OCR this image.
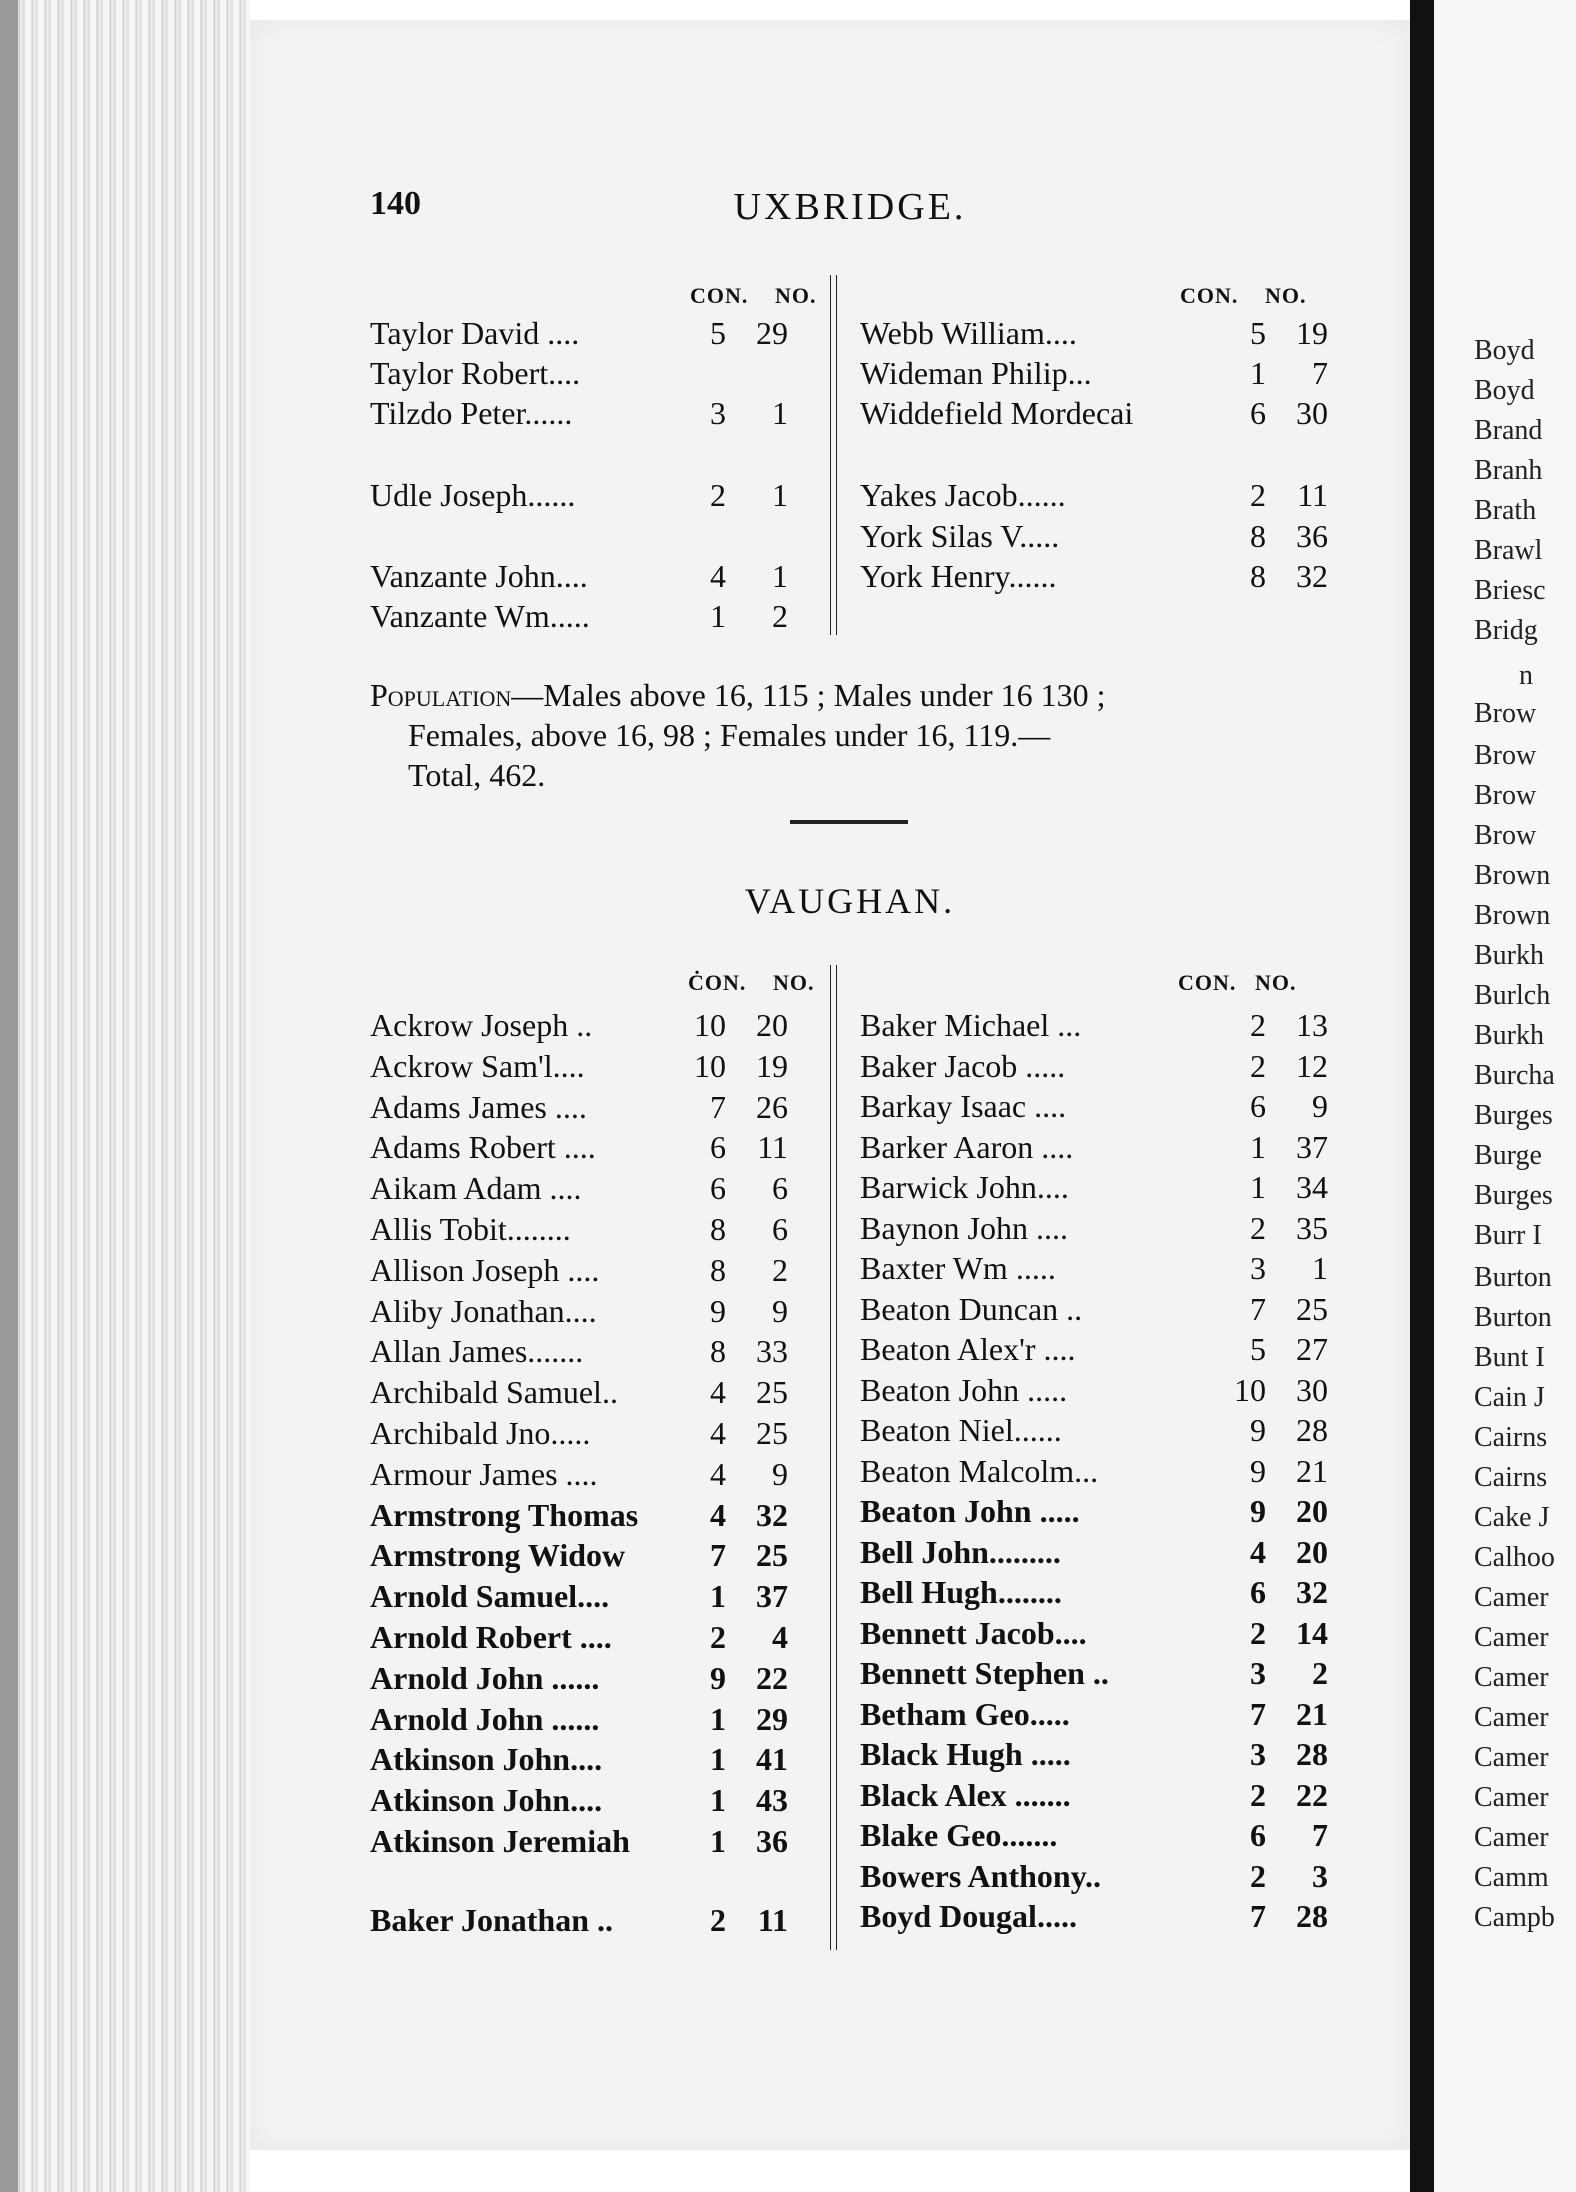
Boyd
Boyd
Brand
Branh
Brath
Brawl
Briesc
Bridg
n
Brow
Brow
Brow
Brow
Brown
Brown
Burkh
Burlch
Burkh
Burcha
Burges
Burge
Burges
Burr I
Burton
Burton
Bunt I
Cain J
Cairns
Cairns
Cake J
Calhoo
Camer
Camer
Camer
Camer
Camer
Camer
Camer
Camm
Campb
140	UXBRIDGE.
CON. NO.	CON. NO.
Taylor David ....	5 29
Taylor Robert....
Tilzdo Peter......	3	1
Udle Joseph......	2	1
Vanzante John....	4	1
Vanzante Wm.....	1	2
Webb William....	5 19
Wideman Philip...	1	7
Widdefield Mordecai	6 30
Yakes Jacob......	2 11
York Silas V.....	8 36
York Henry......	8 32
Population—Males above 16, 115 ; Males under 16 130 ;
Females, above 16, 98 ; Females under 16, 119.—
Total, 462.
VAUGHAN.
ĊON. NO.	CON. NO.
Ackrow Joseph ..	10 20
Ackrow Sam'l....	10 19
Adams James ....	7 26
Adams Robert ....	6 11
Aikam Adam ....	6	6
Allis Tobit........	8	6
Allison Joseph ....	8	2
Aliby Jonathan....	9	9
Allan James.......	8 33
Archibald Samuel..	4 25
Archibald Jno.....	4 25
Armour James ....	4	9
Armstrong Thomas	4 32
Armstrong Widow	7 25
Arnold Samuel....	1 37
Arnold Robert ....	2	4
Arnold John ......	9 22
Arnold John ......	1 29
Atkinson John....	1 41
Atkinson John....	1 43
Atkinson Jeremiah	1 36
Baker Jonathan ..	2 11
Baker Michael ...	2 13
Baker Jacob .....	2 12
Barkay Isaac ....	6	9
Barker Aaron ....	1 37
Barwick John....	1 34
Baynon John ....	2 35
Baxter Wm .....	3	1
Beaton Duncan ..	7 25
Beaton Alex'r ....	5 27
Beaton John .....	10 30
Beaton Niel......	9 28
Beaton Malcolm...	9 21
Beaton John .....	9 20
Bell John.........	4 20
Bell Hugh........	6 32
Bennett Jacob....	2 14
Bennett Stephen ..	3	2
Betham Geo.....	7 21
Black Hugh .....	3 28
Black Alex .......	2 22
Blake Geo.......	6	7
Bowers Anthony..	2	3
Boyd Dougal.....	7 28
